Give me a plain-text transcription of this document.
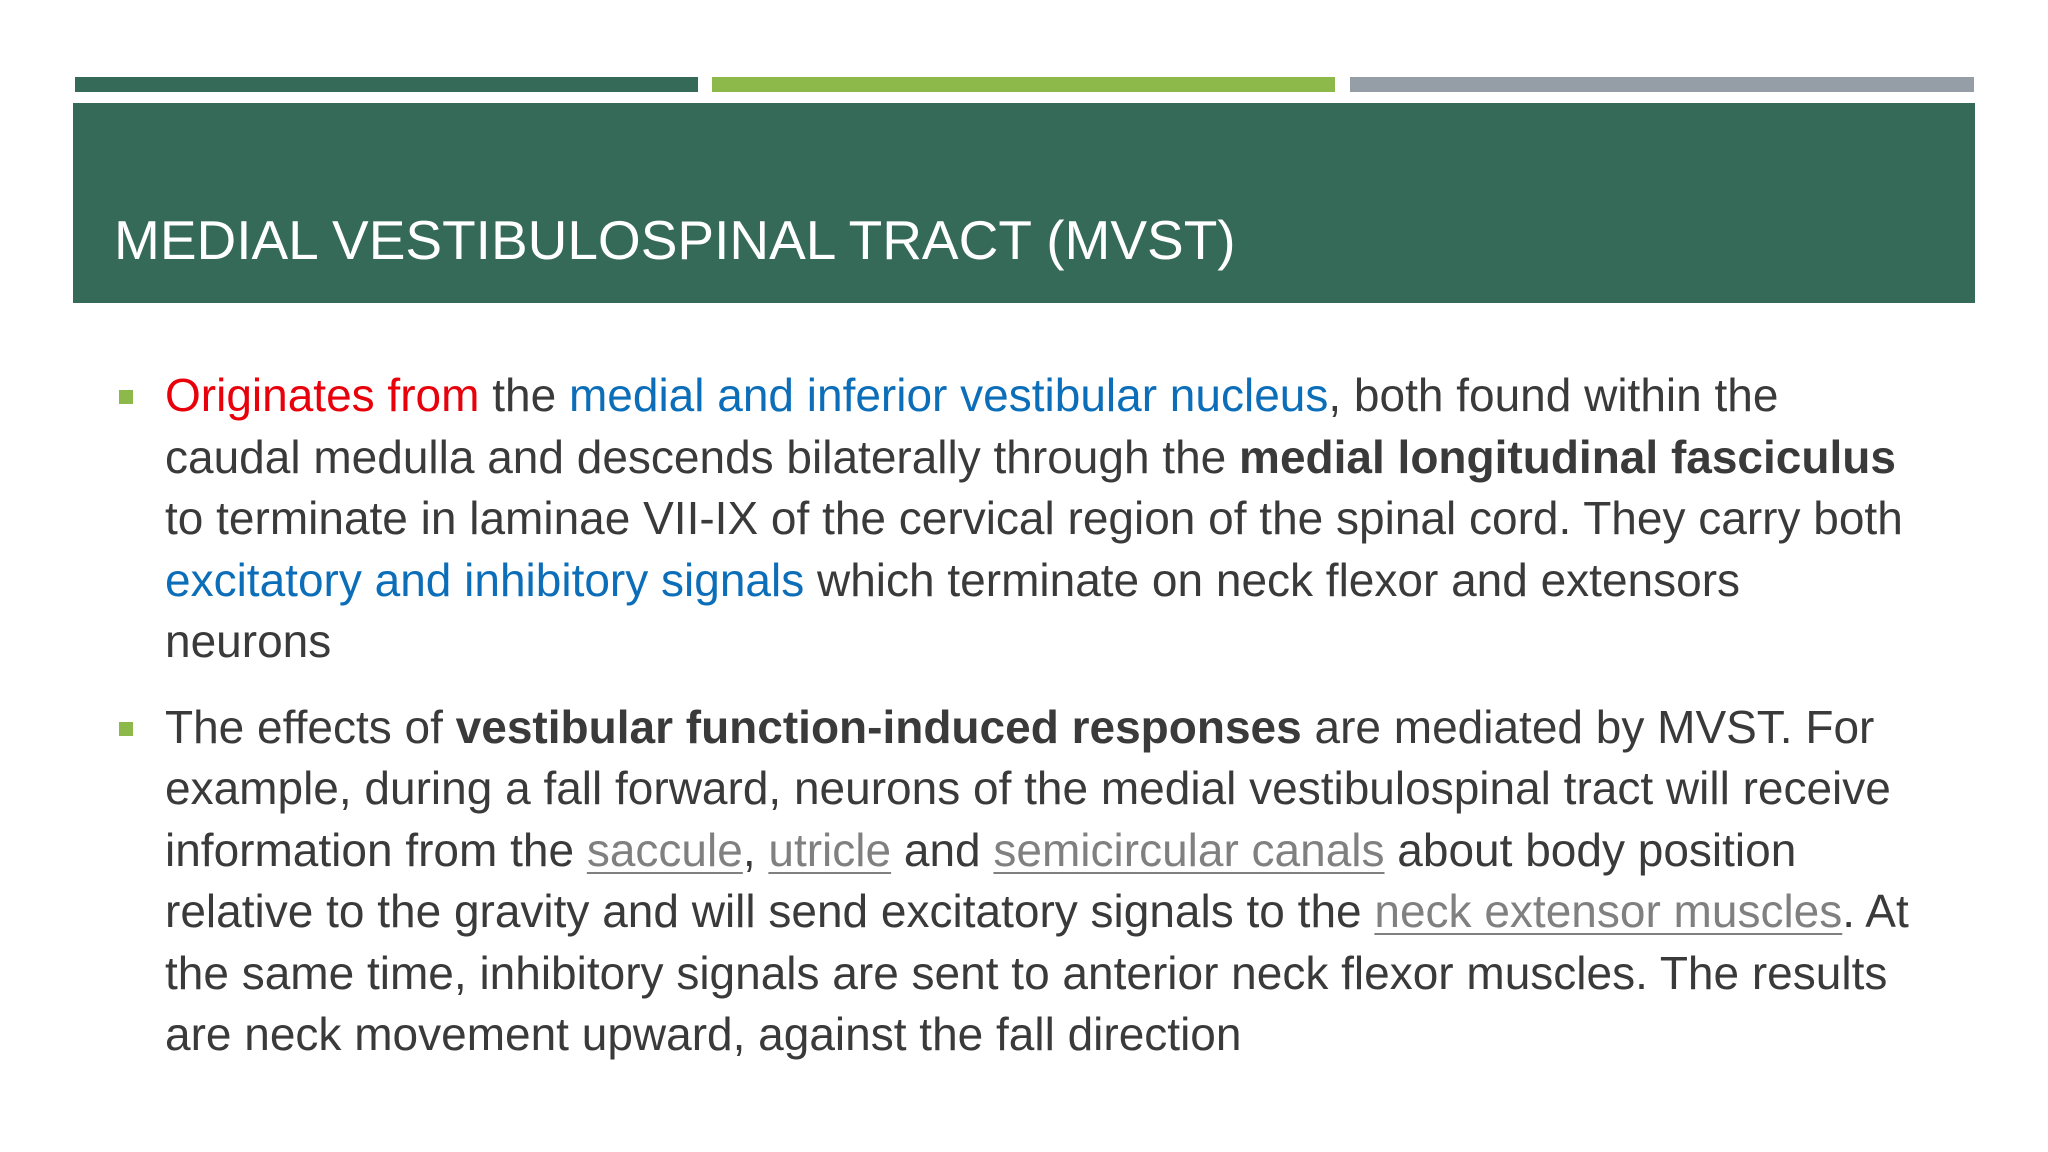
MEDIAL VESTIBULOSPINAL TRACT (MVST)

Originates from the medial and inferior vestibular nucleus, both found within the caudal medulla and descends bilaterally through the medial longitudinal fasciculus to terminate in laminae VII-IX of the cervical region of the spinal cord. They carry both excitatory and inhibitory signals which terminate on neck flexor and extensors neurons

The effects of vestibular function-induced responses are mediated by MVST. For example, during a fall forward, neurons of the medial vestibulospinal tract will receive information from the saccule, utricle and semicircular canals about body position relative to the gravity and will send excitatory signals to the neck extensor muscles. At the same time, inhibitory signals are sent to anterior neck flexor muscles. The results are neck movement upward, against the fall direction
